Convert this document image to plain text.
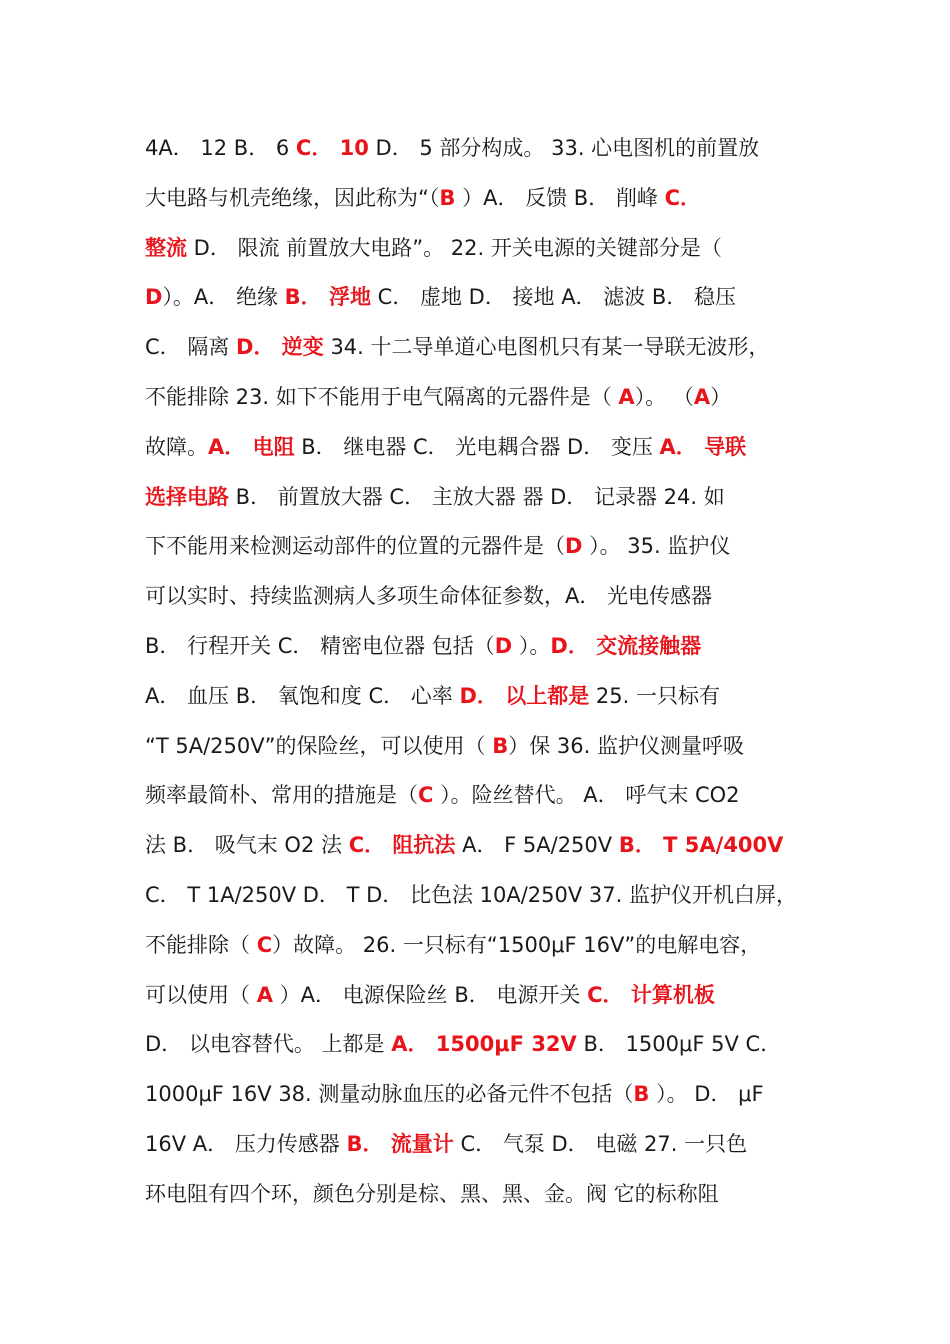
4A． 12 B． 6 C． 10 D． 5 部分构成。 33. 心电图机的前置放
大电路与机壳绝缘，因此称为“（B ）A． 反馈 B． 削峰 C．
整流 D． 限流 前置放大电路”。 22. 开关电源的关键部分是（
D）。A． 绝缘 B． 浮地 C． 虚地 D． 接地 A． 滤波 B． 稳压
C． 隔离 D． 逆变 34. 十二导单道心电图机只有某一导联无波形，
不能排除 23. 如下不能用于电气隔离的元器件是（ A）。 （A）
故障。A． 电阻 B． 继电器 C． 光电耦合器 D． 变压 A． 导联
选择电路 B． 前置放大器 C． 主放大器 器 D． 记录器 24. 如
下不能用来检测运动部件的位置的元器件是（D ）。 35. 监护仪
可以实时、持续监测病人多项生命体征参数，A． 光电传感器
B． 行程开关 C． 精密电位器 包括（D ）。D． 交流接触器
A． 血压 B． 氧饱和度 C． 心率 D． 以上都是 25. 一只标有
“T 5A/250V”的保险丝，可以使用（ B）保 36. 监护仪测量呼吸
频率最简朴、常用的措施是（C ）。险丝替代。 A． 呼气末 CO2
法 B． 吸气末 O2 法 C． 阻抗法 A． F 5A/250V B． T 5A/400V
C． T 1A/250V D． T D． 比色法 10A/250V 37. 监护仪开机白屏，
不能排除（ C）故障。 26. 一只标有“1500μF 16V”的电解电容，
可以使用（ A ）A． 电源保险丝 B． 电源开关 C． 计算机板
D． 以电容替代。 上都是 A． 1500μF 32V B． 1500μF 5V C．
1000μF 16V 38. 测量动脉血压的必备元件不包括（B ）。 D． μF
16V A． 压力传感器 B． 流量计 C． 气泵 D． 电磁 27. 一只色
环电阻有四个环，颜色分别是棕、黑、黑、金。阀 它的标称阻
